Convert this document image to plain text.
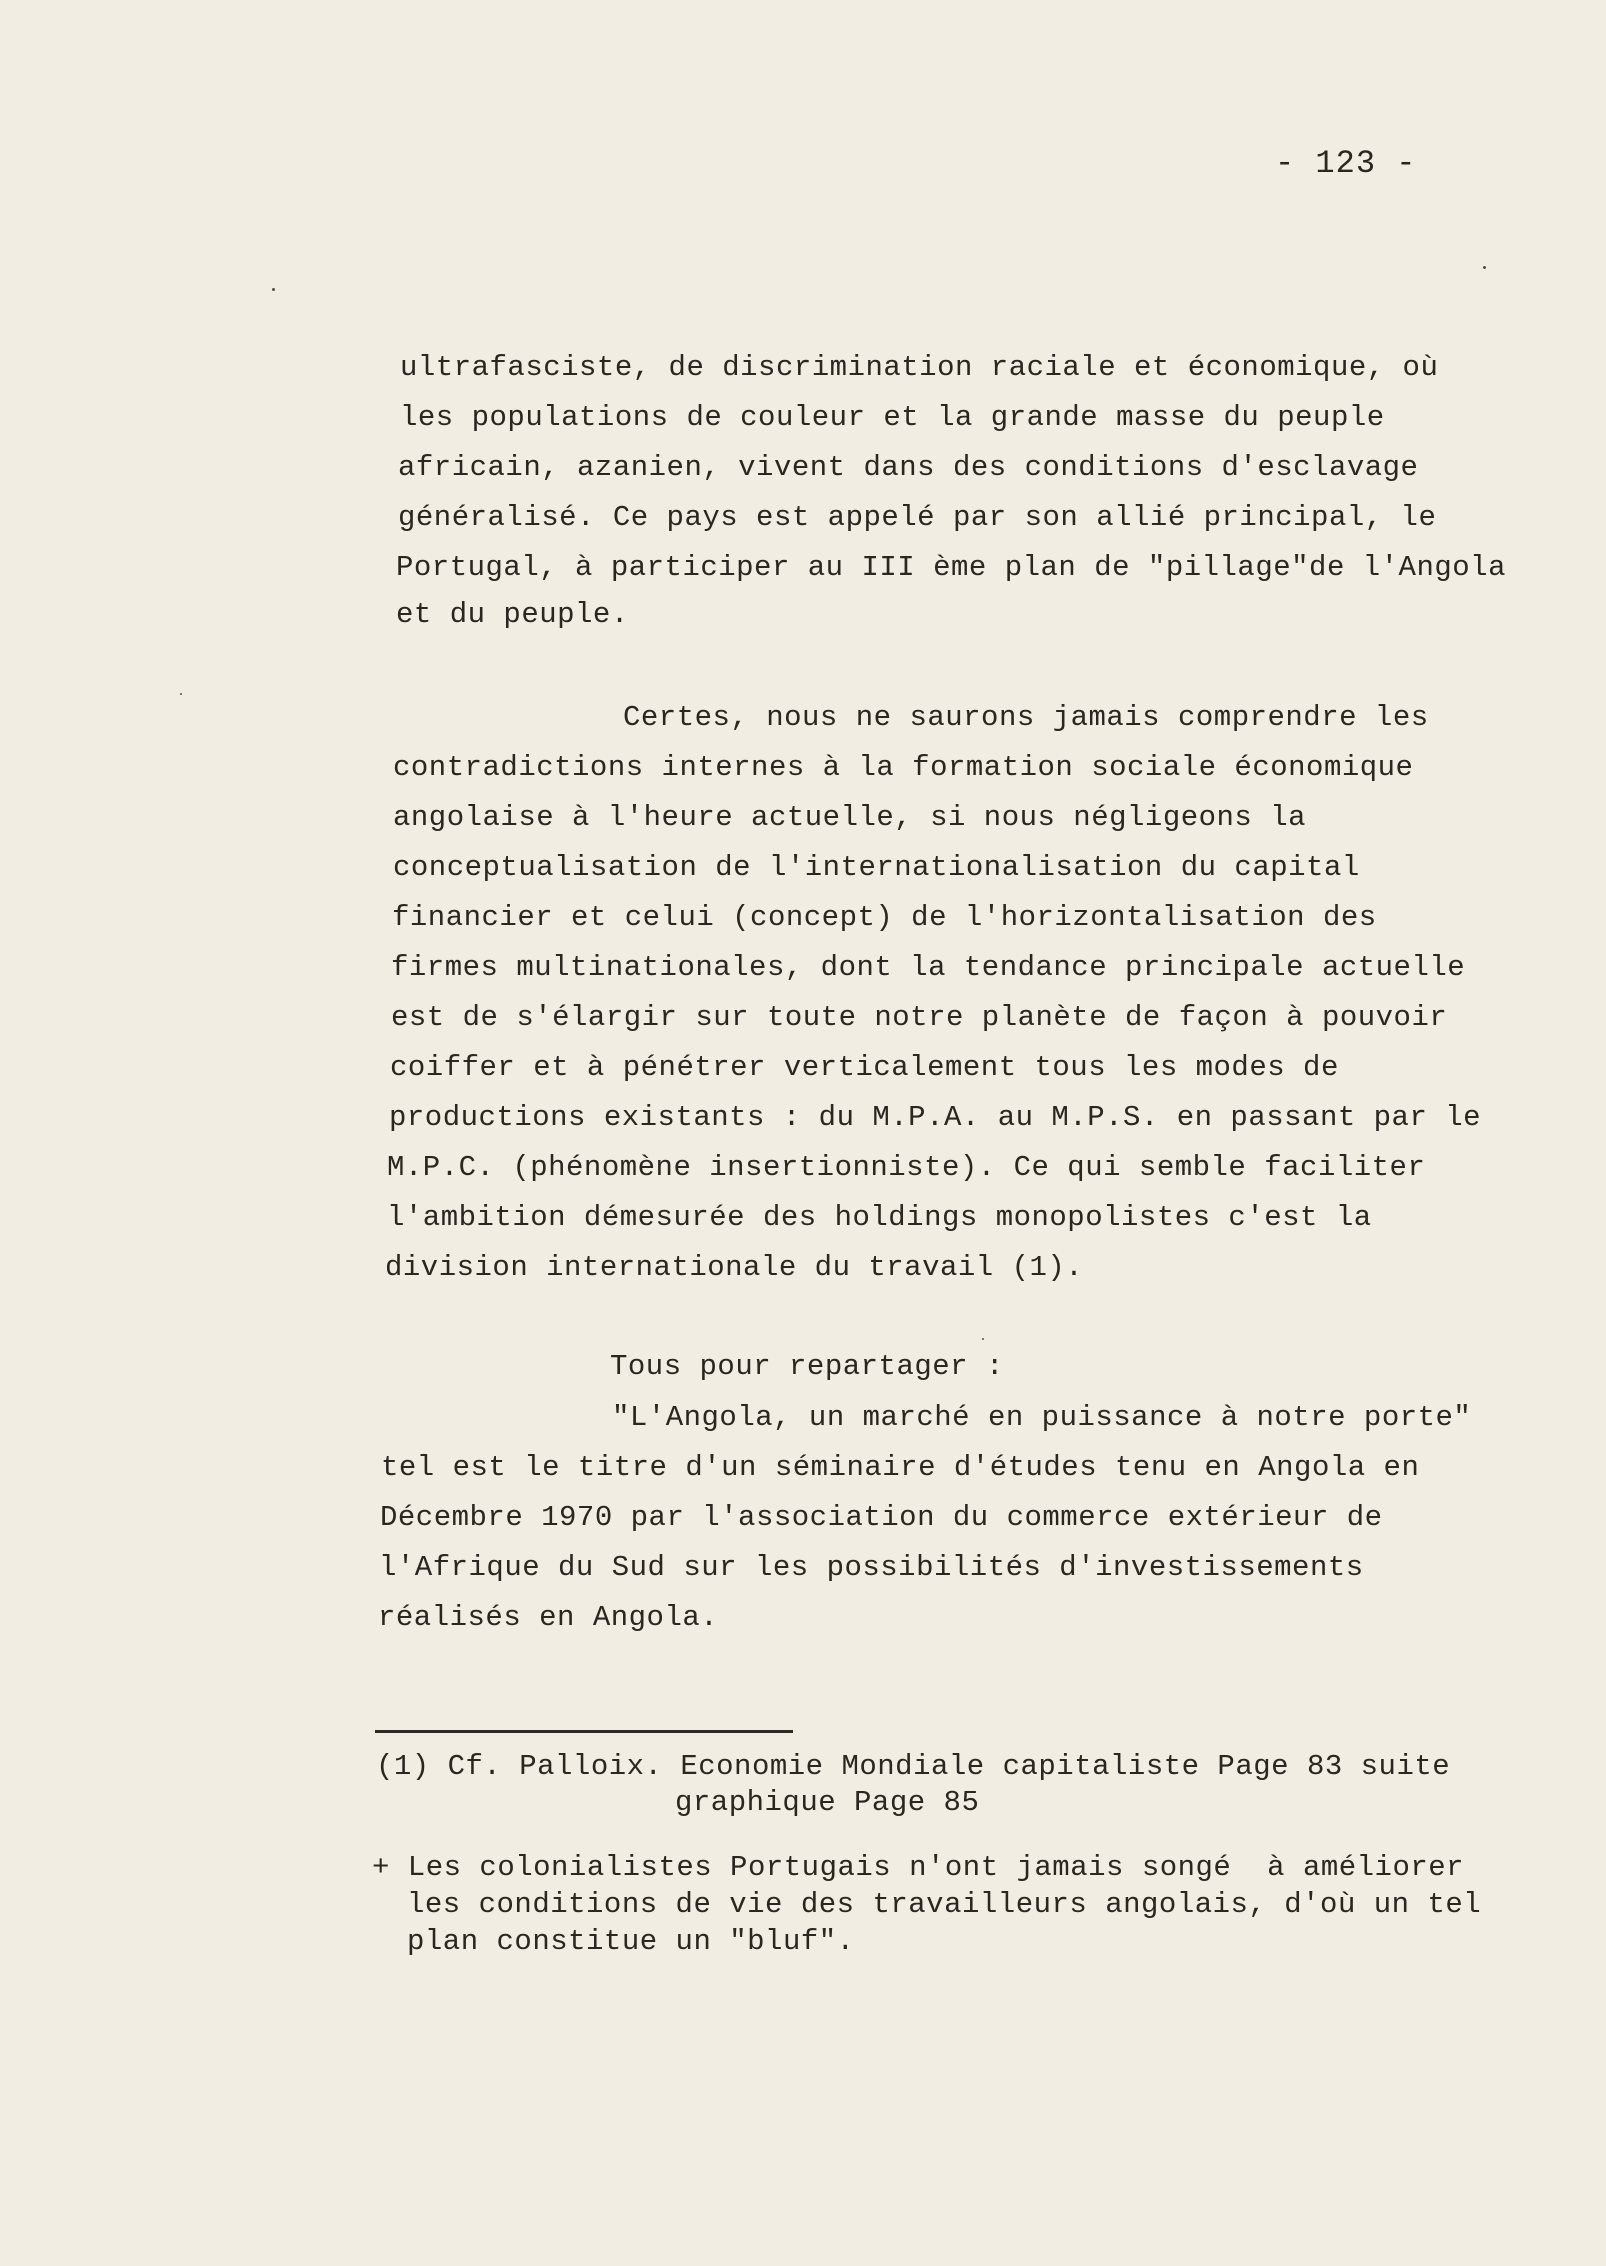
- 123 -
ultrafasciste, de discrimination raciale et économique, où
les populations de couleur et la grande masse du peuple
africain, azanien, vivent dans des conditions d'esclavage
généralisé. Ce pays est appelé par son allié principal, le
Portugal, à participer au III ème plan de "pillage"de l'Angola
et du peuple.
Certes, nous ne saurons jamais comprendre les
contradictions internes à la formation sociale économique
angolaise à l'heure actuelle, si nous négligeons la
conceptualisation de l'internationalisation du capital
financier et celui (concept) de l'horizontalisation des
firmes multinationales, dont la tendance principale actuelle
est de s'élargir sur toute notre planète de façon à pouvoir
coiffer et à pénétrer verticalement tous les modes de
productions existants : du M.P.A. au M.P.S. en passant par le
M.P.C. (phénomène insertionniste). Ce qui semble faciliter
l'ambition démesurée des holdings monopolistes c'est la
division internationale du travail (1).
Tous pour repartager :
"L'Angola, un marché en puissance à notre porte"
tel est le titre d'un séminaire d'études tenu en Angola en
Décembre 1970 par l'association du commerce extérieur de
l'Afrique du Sud sur les possibilités d'investissements
réalisés en Angola.
(1) Cf. Palloix. Economie Mondiale capitaliste Page 83 suite
graphique Page 85
+ Les colonialistes Portugais n'ont jamais songé  à améliorer
les conditions de vie des travailleurs angolais, d'où un tel
plan constitue un "bluf".
